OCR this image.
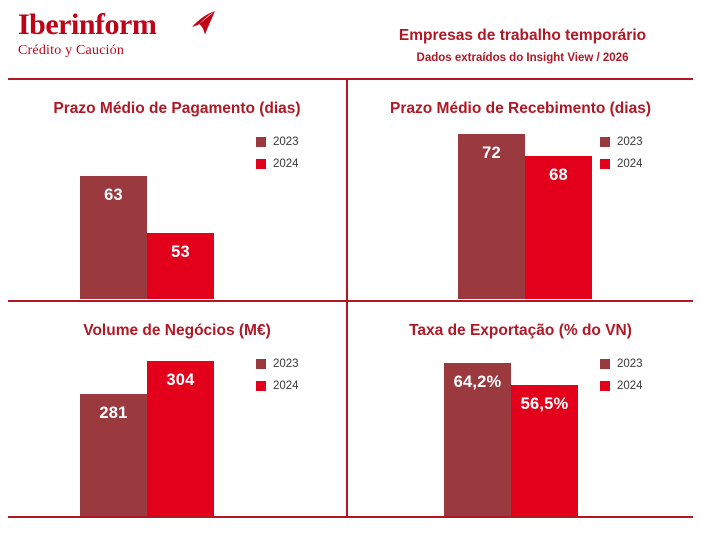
Iberinform
Crédito y Caución
Empresas de trabalho temporário
Dados extraídos do Insight View / 2026
Prazo Médio de Pagamento (dias)
2023
2024
63
53
Prazo Médio de Recebimento (dias)
2023
2024
72
68
Volume de Negócios (M€)
2023
2024
281
304
Taxa de Exportação (% do VN)
2023
2024
64,2%
56,5%
